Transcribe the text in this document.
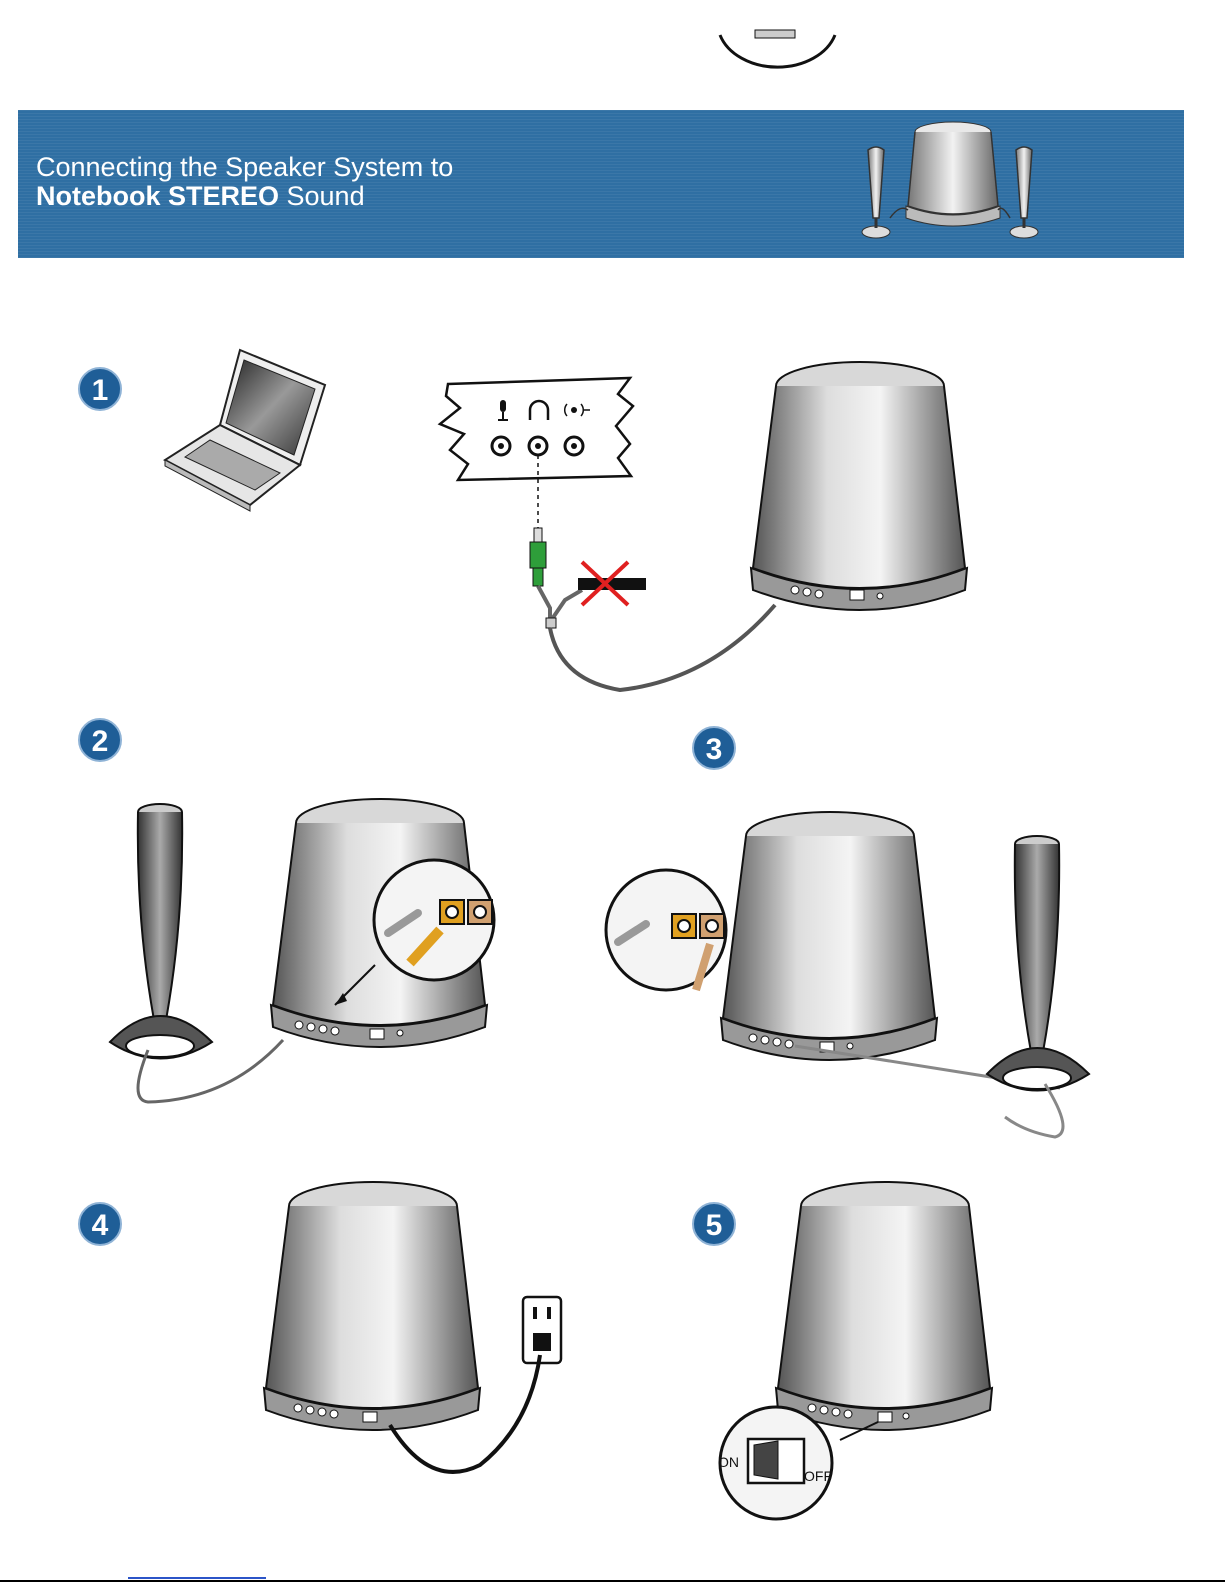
Connecting the Speaker System to
Notebook STEREO Sound
1
2	3
4	5
ON
OFF
